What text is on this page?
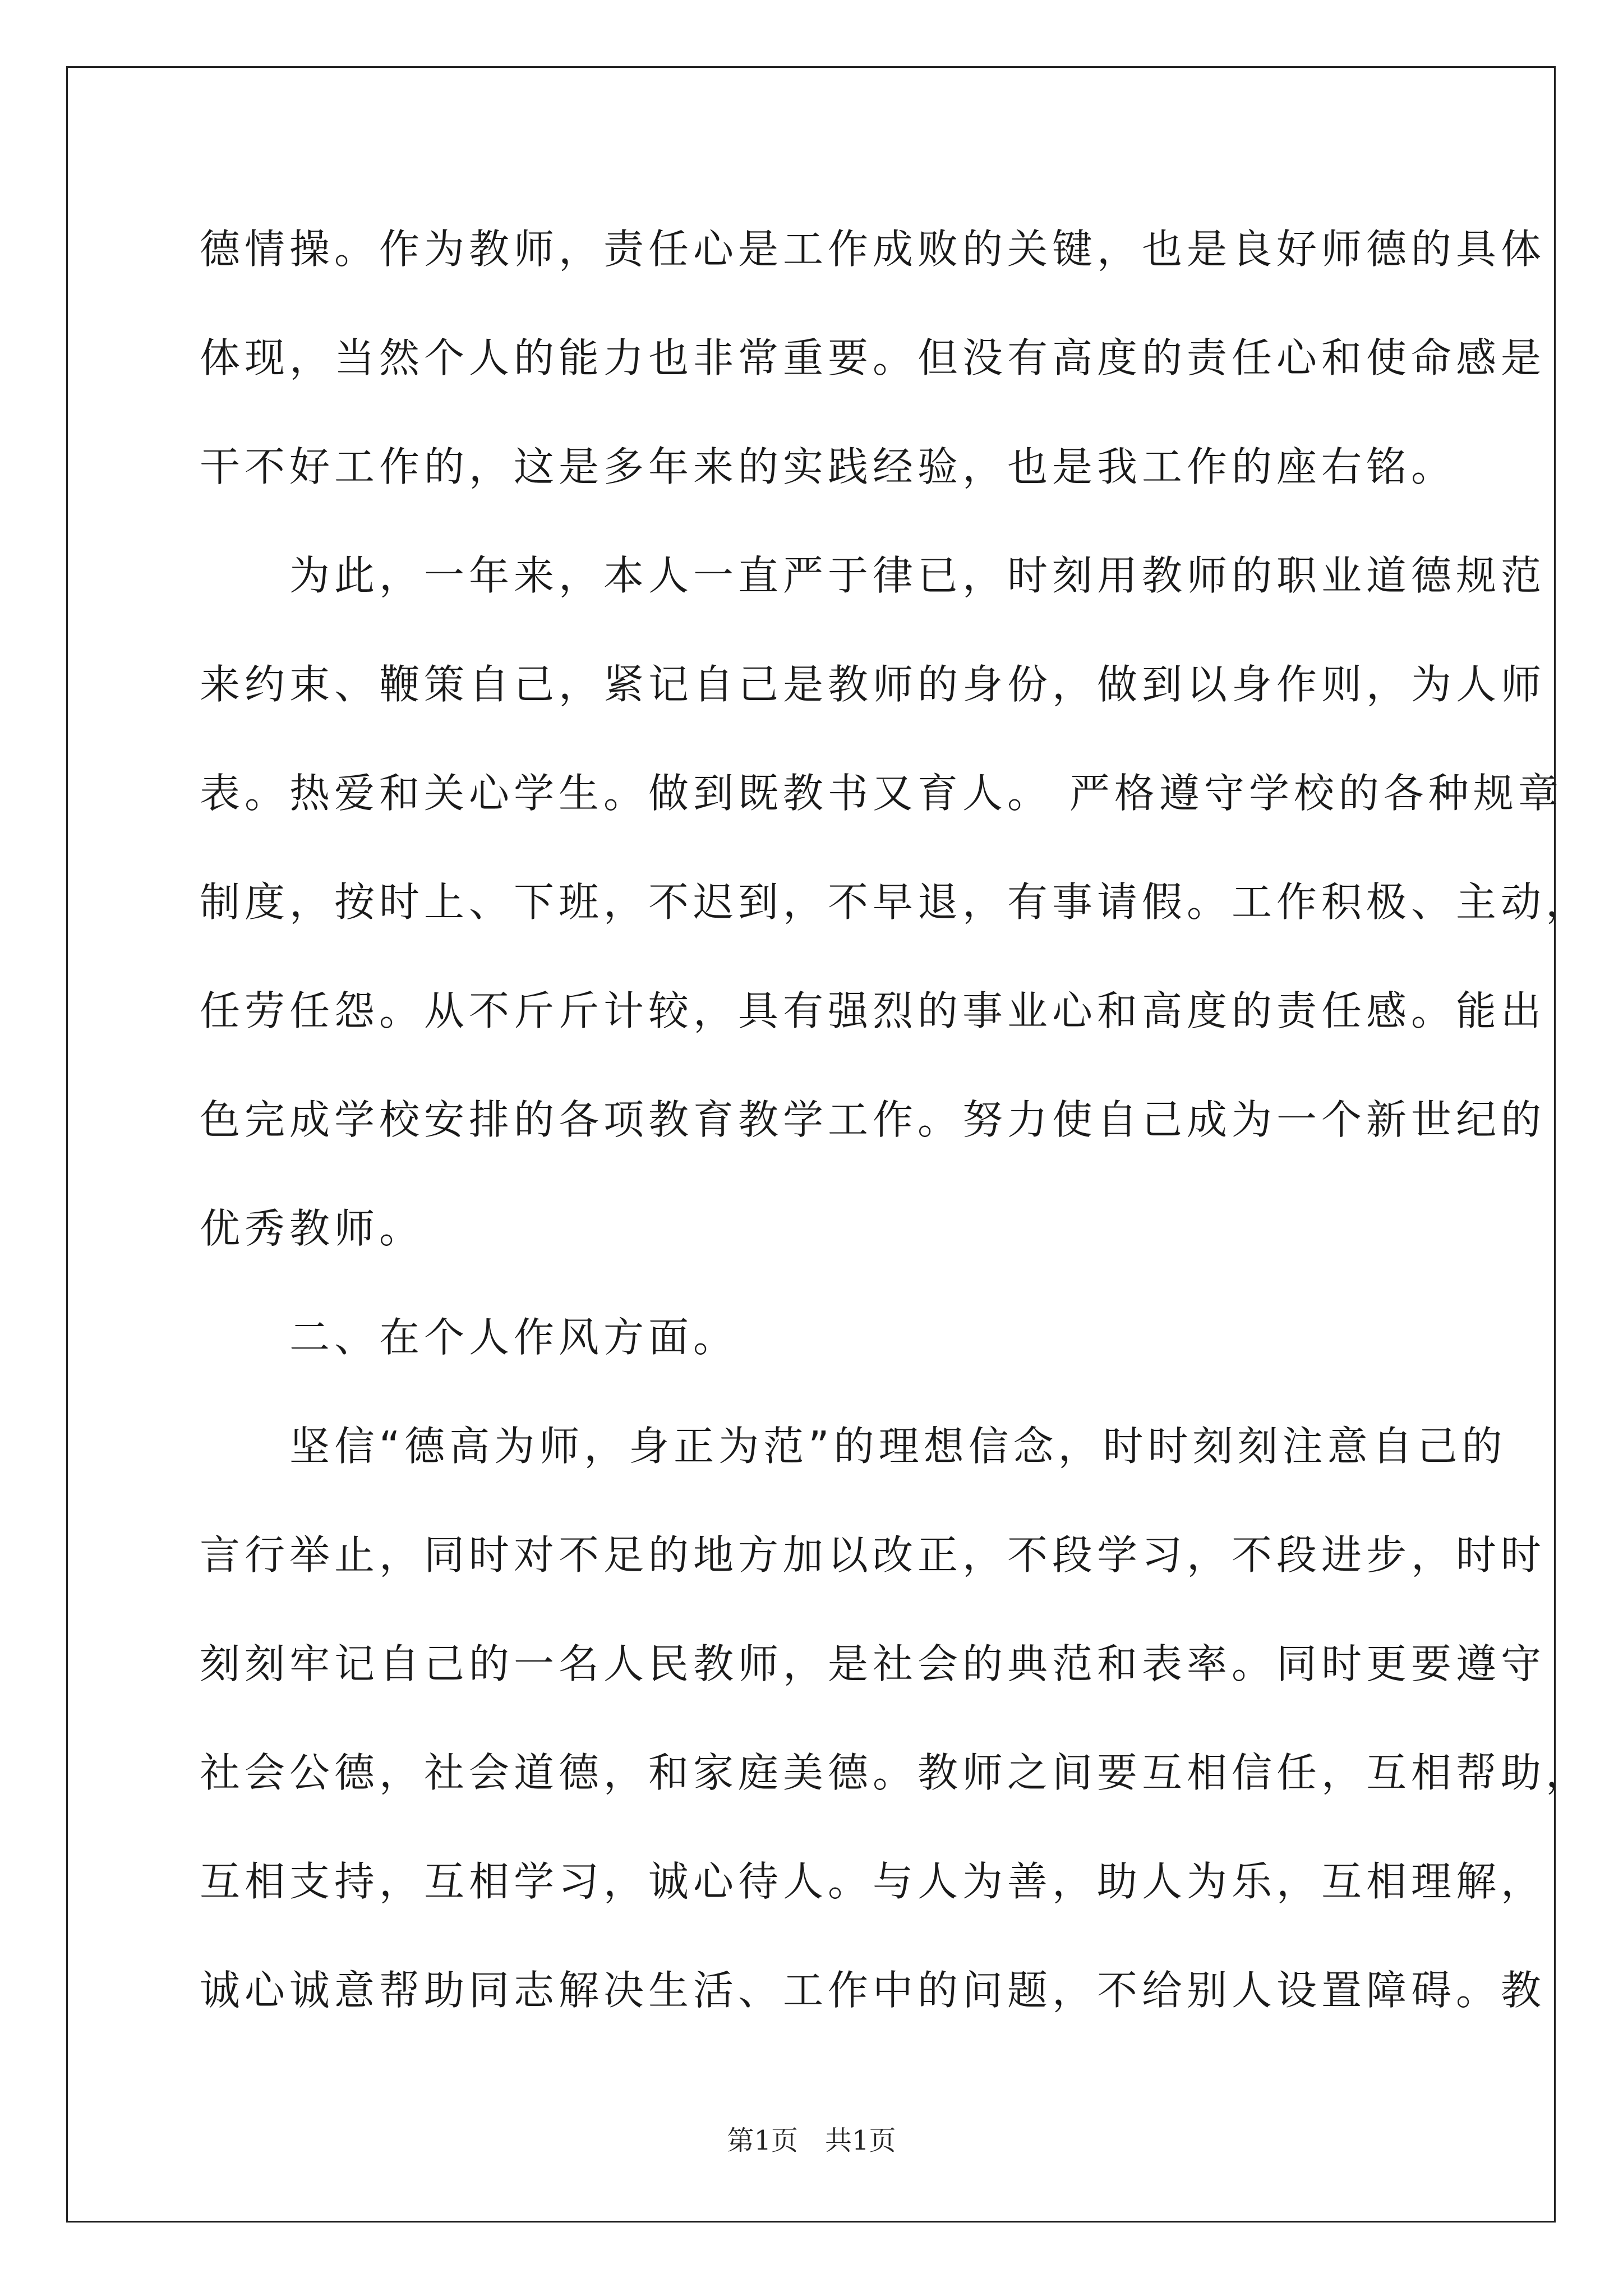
德情操。作为教师，责任心是工作成败的关键，也是良好师德的具体

体现，当然个人的能力也非常重要。但没有高度的责任心和使命感是

干不好工作的，这是多年来的实践经验，也是我工作的座右铭。

　　为此，一年来，本人一直严于律已，时刻用教师的职业道德规范

来约束、鞭策自己，紧记自己是教师的身份，做到以身作则，为人师

表。热爱和关心学生。做到既教书又育人。 严格遵守学校的各种规章

制度，按时上、下班，不迟到，不早退，有事请假。工作积极、主动，

任劳任怨。从不斤斤计较，具有强烈的事业心和高度的责任感。能出

色完成学校安排的各项教育教学工作。努力使自己成为一个新世纪的

优秀教师。

　　二、在个人作风方面。

　　坚信“德高为师，身正为范”的理想信念，时时刻刻注意自己的

言行举止，同时对不足的地方加以改正，不段学习，不段进步，时时

刻刻牢记自己的一名人民教师，是社会的典范和表率。同时更要遵守

社会公德，社会道德，和家庭美德。教师之间要互相信任，互相帮助，

互相支持，互相学习，诚心待人。与人为善，助人为乐，互相理解，

诚心诚意帮助同志解决生活、工作中的问题，不给别人设置障碍。教

第1页　共1页
